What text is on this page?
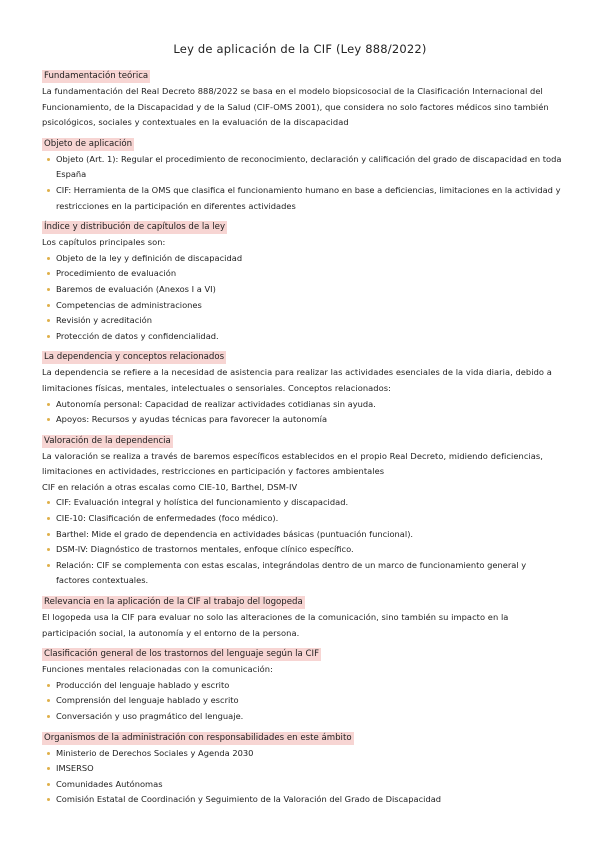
Ley de aplicación de la CIF (Ley 888/2022)
Fundamentación teórica
La fundamentación del Real Decreto 888/2022 se basa en el modelo biopsicosocial de la Clasificación Internacional del Funcionamiento, de la Discapacidad y de la Salud (CIF-OMS 2001), que considera no solo factores médicos sino también psicológicos, sociales y contextuales en la evaluación de la discapacidad
Objeto de aplicación
Objeto (Art. 1): Regular el procedimiento de reconocimiento, declaración y calificación del grado de discapacidad en toda España
CIF: Herramienta de la OMS que clasifica el funcionamiento humano en base a deficiencias, limitaciones en la actividad y restricciones en la participación en diferentes actividades
Índice y distribución de capítulos de la ley
Los capítulos principales son:
Objeto de la ley y definición de discapacidad
Procedimiento de evaluación
Baremos de evaluación (Anexos I a VI)
Competencias de administraciones
Revisión y acreditación
Protección de datos y confidencialidad.
La dependencia y conceptos relacionados
La dependencia se refiere a la necesidad de asistencia para realizar las actividades esenciales de la vida diaria, debido a limitaciones físicas, mentales, intelectuales o sensoriales. Conceptos relacionados:
Autonomía personal: Capacidad de realizar actividades cotidianas sin ayuda.
Apoyos: Recursos y ayudas técnicas para favorecer la autonomía
Valoración de la dependencia
La valoración se realiza a través de baremos específicos establecidos en el propio Real Decreto, midiendo deficiencias, limitaciones en actividades, restricciones en participación y factores ambientales
CIF en relación a otras escalas como CIE-10, Barthel, DSM-IV
CIF: Evaluación integral y holística del funcionamiento y discapacidad.
CIE-10: Clasificación de enfermedades (foco médico).
Barthel: Mide el grado de dependencia en actividades básicas (puntuación funcional).
DSM-IV: Diagnóstico de trastornos mentales, enfoque clínico específico.
Relación: CIF se complementa con estas escalas, integrándolas dentro de un marco de funcionamiento general y factores contextuales.
Relevancia en la aplicación de la CIF al trabajo del logopeda
El logopeda usa la CIF para evaluar no solo las alteraciones de la comunicación, sino también su impacto en la participación social, la autonomía y el entorno de la persona.
Clasificación general de los trastornos del lenguaje según la CIF
Funciones mentales relacionadas con la comunicación:
Producción del lenguaje hablado y escrito
Comprensión del lenguaje hablado y escrito
Conversación y uso pragmático del lenguaje.
Organismos de la administración con responsabilidades en este ámbito
Ministerio de Derechos Sociales y Agenda 2030
IMSERSO
Comunidades Autónomas
Comisión Estatal de Coordinación y Seguimiento de la Valoración del Grado de Discapacidad
